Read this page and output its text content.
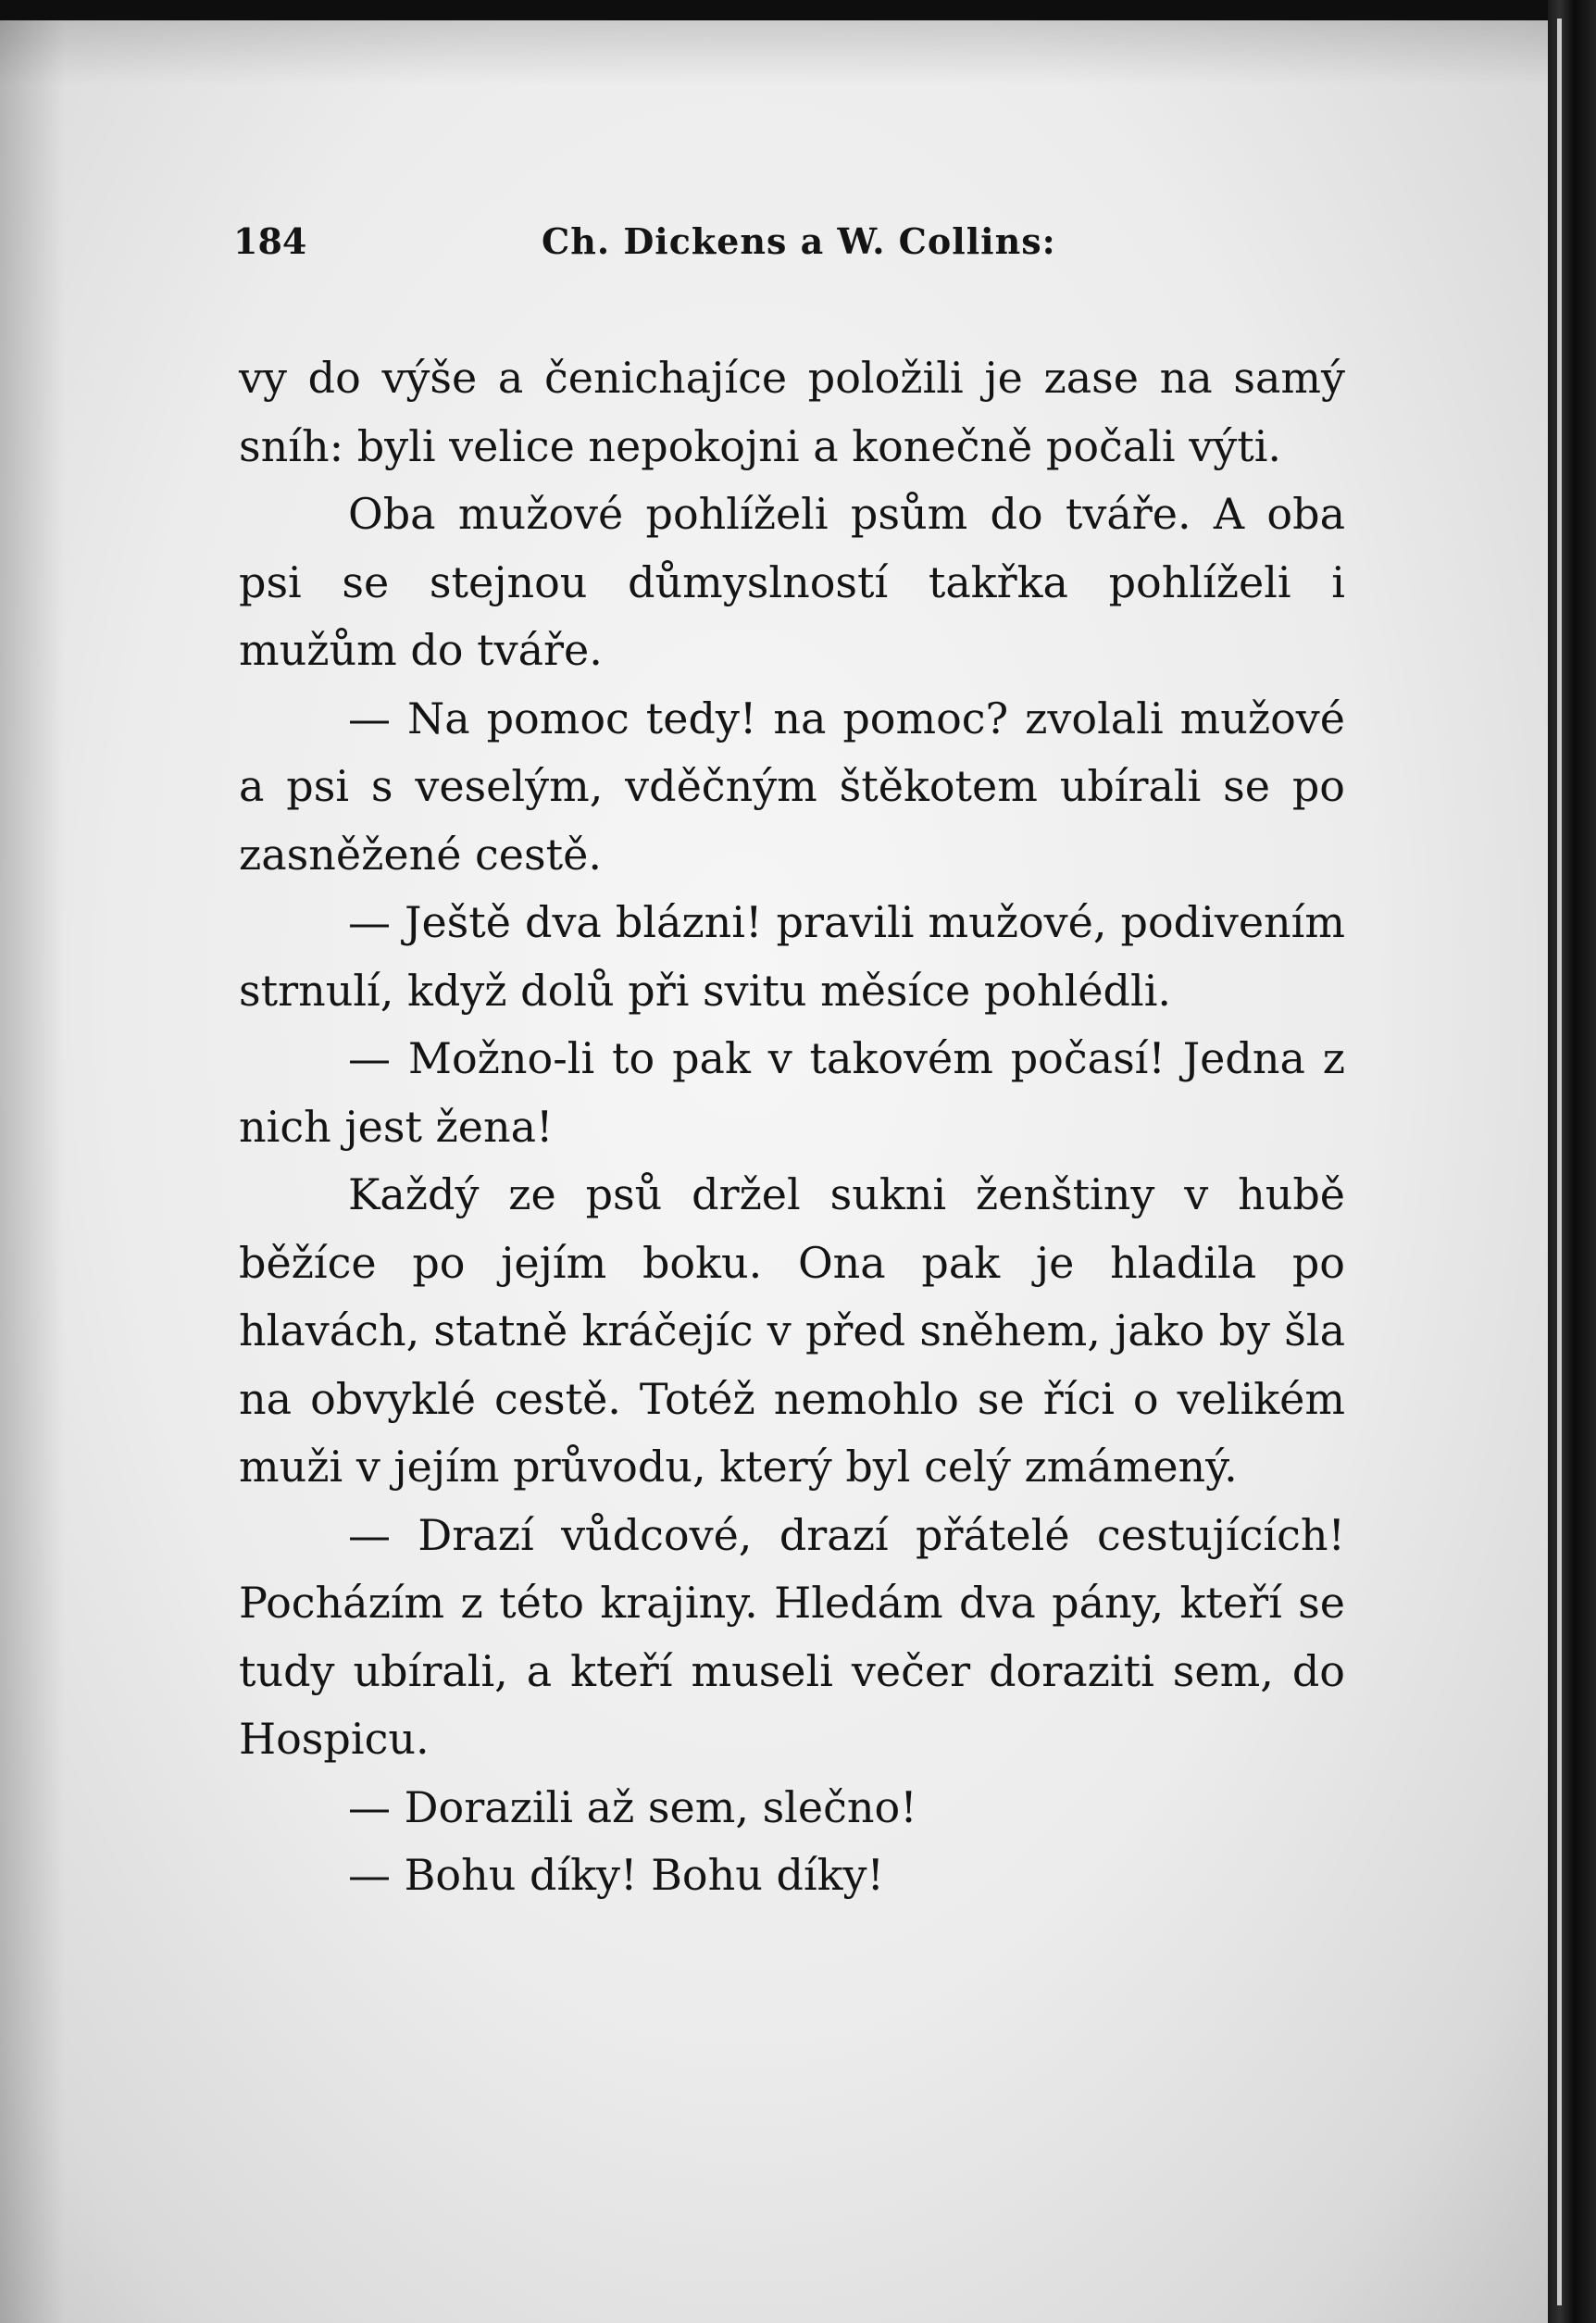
184	Ch. Dickens a W. Collins:

vy do výše a čenichajíce položili je zase na samý sníh: byli velice nepokojni a konečně počali výti.

Oba mužové pohlíželi psům do tváře. A oba psi se stejnou důmyslností takřka pohlíželi i mužům do tváře.

— Na pomoc tedy! na pomoc? zvolali mužové a psi s veselým, vděčným štěkotem ubírali se po zasněžené cestě.

— Ještě dva blázni! pravili mužové, podivením strnulí, když dolů při svitu měsíce pohlédli.

— Možno-li to pak v takovém počasí! Jedna z nich jest žena!

Každý ze psů držel sukni ženštiny v hubě běžíce po jejím boku. Ona pak je hladila po hlavách, statně kráčejíc v před sněhem, jako by šla na obvyklé cestě. Totéž nemohlo se říci o velikém muži v jejím průvodu, který byl celý zmámený.

— Drazí vůdcové, drazí přátelé cestujících! Pocházím z této krajiny. Hledám dva pány, kteří se tudy ubírali, a kteří museli večer doraziti sem, do Hospicu.

— Dorazili až sem, slečno!

— Bohu díky! Bohu díky!
